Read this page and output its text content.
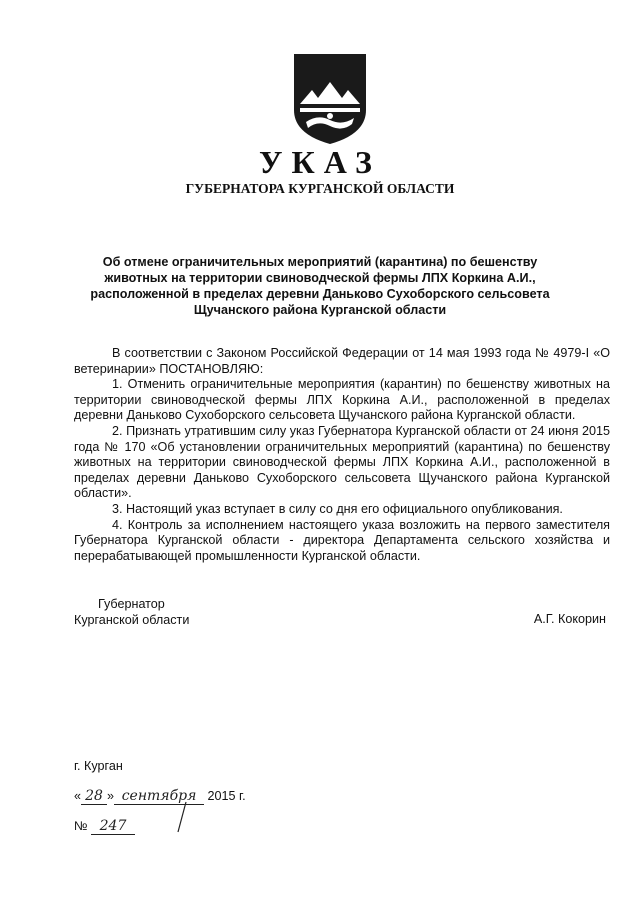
УКАЗ
ГУБЕРНАТОРА КУРГАНСКОЙ ОБЛАСТИ
Об отмене ограничительных мероприятий (карантина) по бешенству
животных на территории свиноводческой фермы ЛПХ Коркина А.И.,
расположенной в пределах деревни Даньково Сухоборского сельсовета
Щучанского района Курганской области

В соответствии с Законом Российской Федерации от 14 мая 1993 года № 4979-I «О ветеринарии» ПОСТАНОВЛЯЮ:

1. Отменить ограничительные мероприятия (карантин) по бешенству животных на территории свиноводческой фермы ЛПХ Коркина А.И., расположенной в пределах деревни Даньково Сухоборского сельсовета Щучанского района Курганской области.

2. Признать утратившим силу указ Губернатора Курганской области от 24 июня 2015 года № 170 «Об установлении ограничительных мероприятий (карантина) по бешенству животных на территории свиноводческой фермы ЛПХ Коркина А.И., расположенной в пределах деревни Даньково Сухоборского сельсовета Щучанского района Курганской области».

3. Настоящий указ вступает в силу со дня его официального опубликования.

4. Контроль за исполнением настоящего указа возложить на первого заместителя Губернатора Курганской области - директора Департамента сельского хозяйства и перерабатывающей промышленности Курганской области.

Губернатор
Курганской области	А.Г. Кокорин
г. Курган
« 28 » сентября 2015 г.
№ 247
